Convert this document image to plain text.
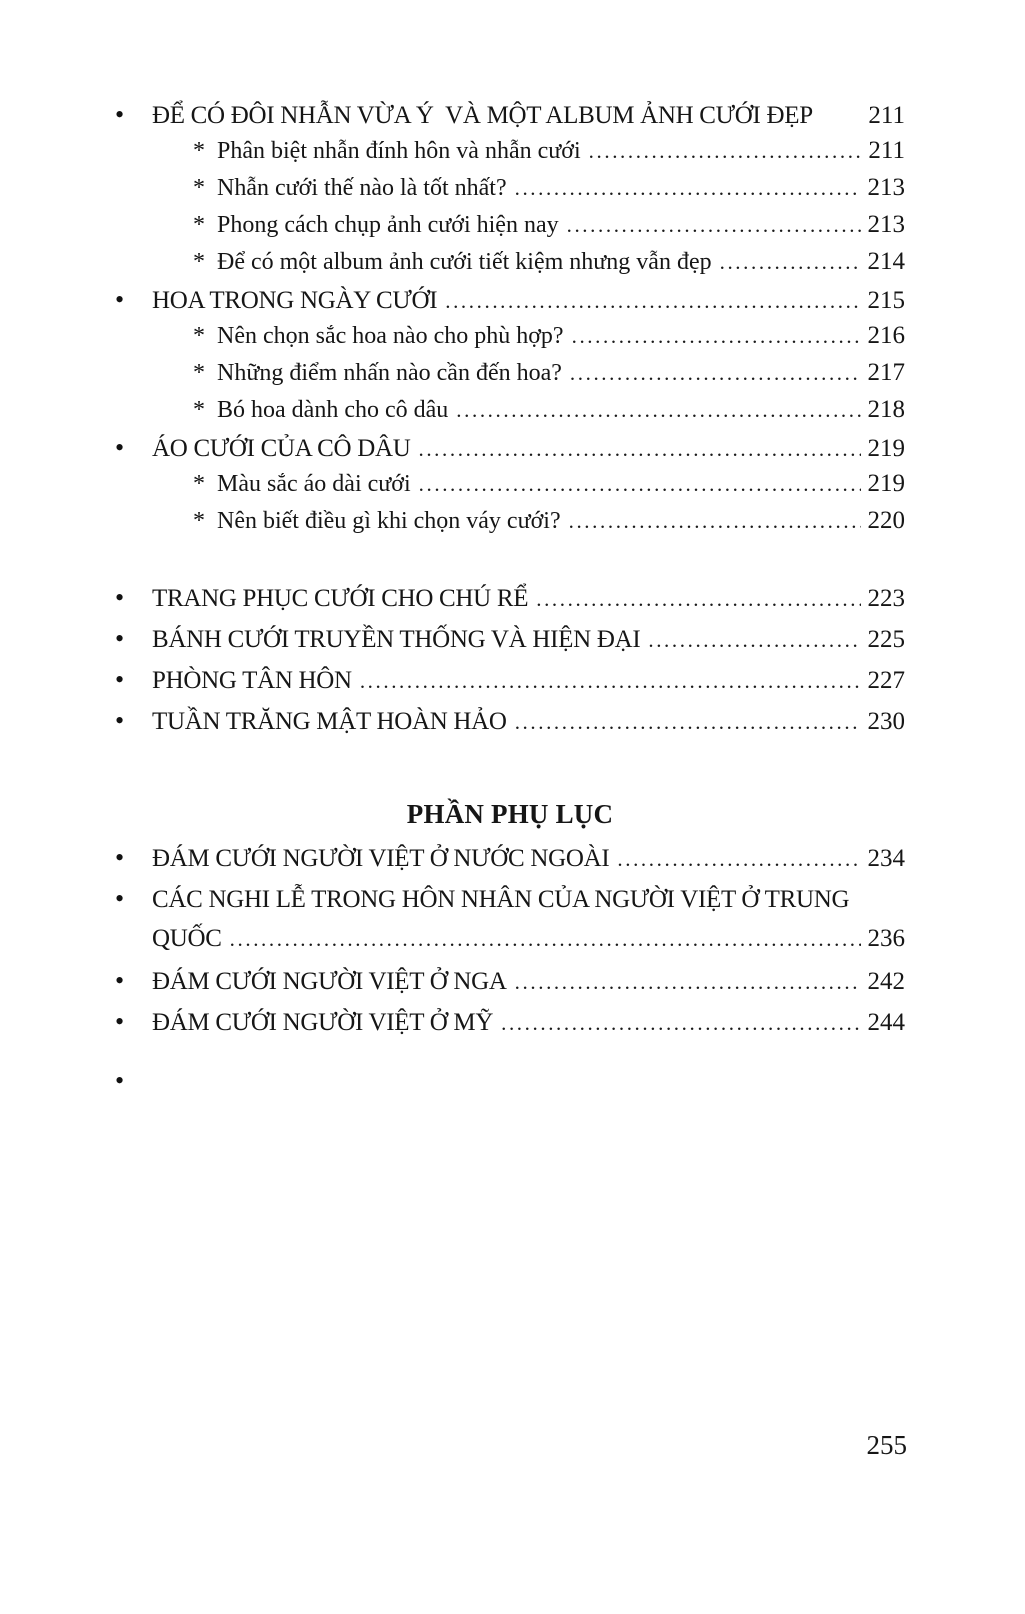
•	ĐỂ CÓ ĐÔI NHẪN VỪA Ý  VÀ MỘT ALBUM ẢNH CƯỚI ĐẸP 211
* Phân biệt nhẫn đính hôn và nhẫn cưới .....	211
* Nhẫn cưới thế nào là tốt nhất? .....	213
* Phong cách chụp ảnh cưới hiện nay .....	213
* Để có một album ảnh cưới tiết kiệm nhưng vẫn đẹp .....	214
•	HOA TRONG NGÀY CƯỚI .....	215
* Nên chọn sắc hoa nào cho phù hợp? .....	216
* Những điểm nhấn nào cần đến hoa? .....	217
* Bó hoa dành cho cô dâu .....	218
•	ÁO CƯỚI CỦA CÔ DÂU .....	219
* Màu sắc áo dài cưới .....	219
* Nên biết điều gì khi chọn váy cưới? .....	220
•	TRANG PHỤC CƯỚI CHO CHÚ RỂ .....	223
•	BÁNH CƯỚI TRUYỀN THỐNG VÀ HIỆN ĐẠI .....	225
•	PHÒNG TÂN HÔN .....	227
•	TUẦN TRĂNG MẬT HOÀN HẢO .....	230
PHẦN PHỤ LỤC
•	ĐÁM CƯỚI NGƯỜI VIỆT Ở NƯỚC NGOÀI .....	234
•	CÁC NGHI LỄ TRONG HÔN NHÂN CỦA NGƯỜI VIỆT Ở TRUNG
QUỐC .....	236
•	ĐÁM CƯỚI NGƯỜI VIỆT Ở NGA .....	242
•	ĐÁM CƯỚI NGƯỜI VIỆT Ở MỸ .....	244
•
255
